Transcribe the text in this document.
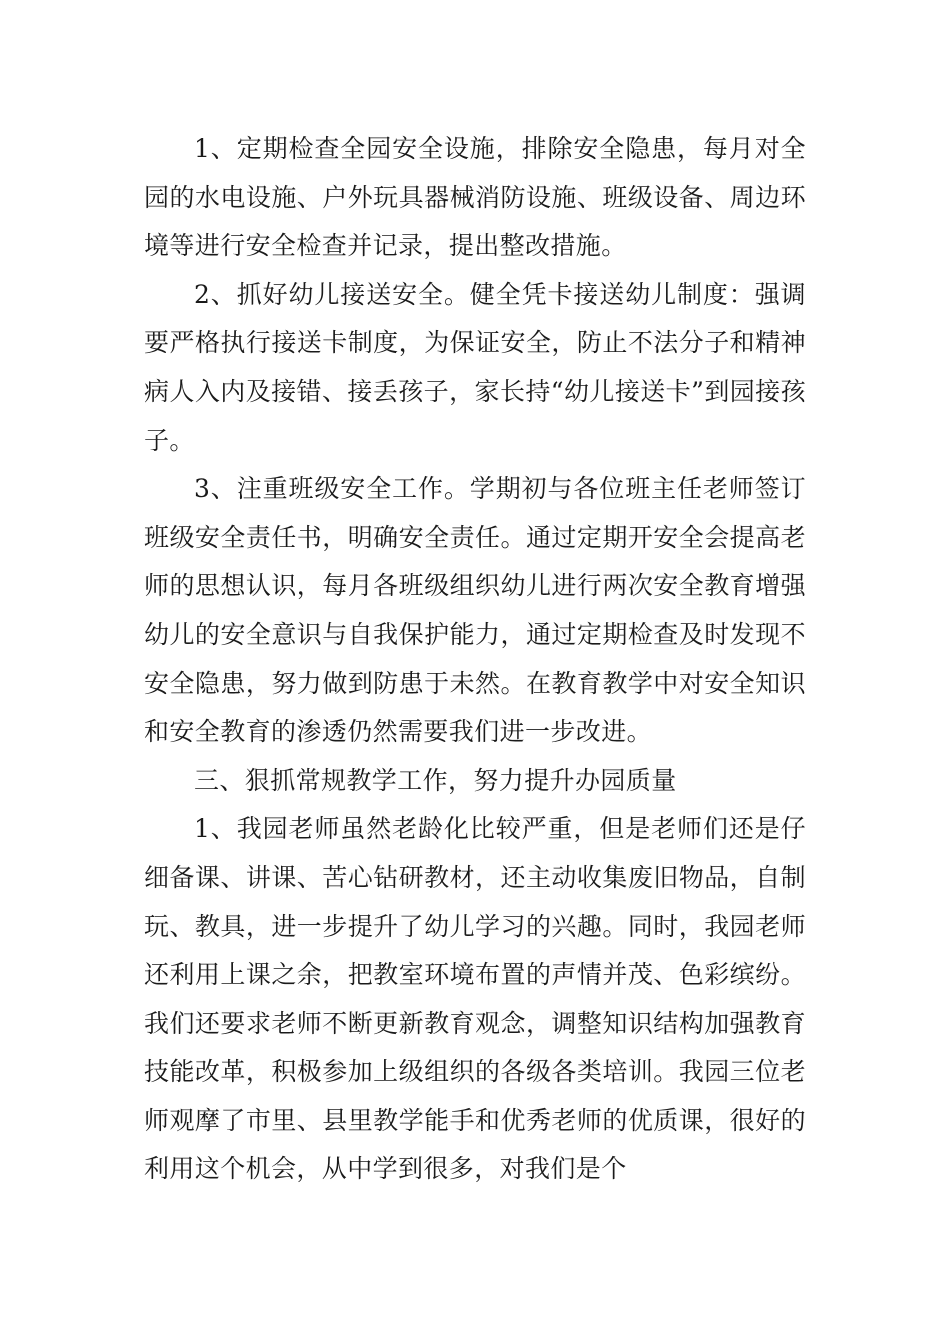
1、定期检查全园安全设施，排除安全隐患，每月对全园的水电设施、户外玩具器械消防设施、班级设备、周边环境等进行安全检查并记录，提出整改措施。

2、抓好幼儿接送安全。健全凭卡接送幼儿制度：强调要严格执行接送卡制度，为保证安全，防止不法分子和精神病人入内及接错、接丢孩子，家长持“幼儿接送卡”到园接孩子。

3、注重班级安全工作。学期初与各位班主任老师签订班级安全责任书，明确安全责任。通过定期开安全会提高老师的思想认识，每月各班级组织幼儿进行两次安全教育增强幼儿的安全意识与自我保护能力，通过定期检查及时发现不安全隐患，努力做到防患于未然。在教育教学中对安全知识和安全教育的渗透仍然需要我们进一步改进。

三、狠抓常规教学工作，努力提升办园质量

1、我园老师虽然老龄化比较严重，但是老师们还是仔细备课、讲课、苦心钻研教材，还主动收集废旧物品，自制玩、教具，进一步提升了幼儿学习的兴趣。同时，我园老师还利用上课之余，把教室环境布置的声情并茂、色彩缤纷。我们还要求老师不断更新教育观念，调整知识结构加强教育技能改革，积极参加上级组织的各级各类培训。我园三位老师观摩了市里、县里教学能手和优秀老师的优质课，很好的利用这个机会，从中学到很多，对我们是个
